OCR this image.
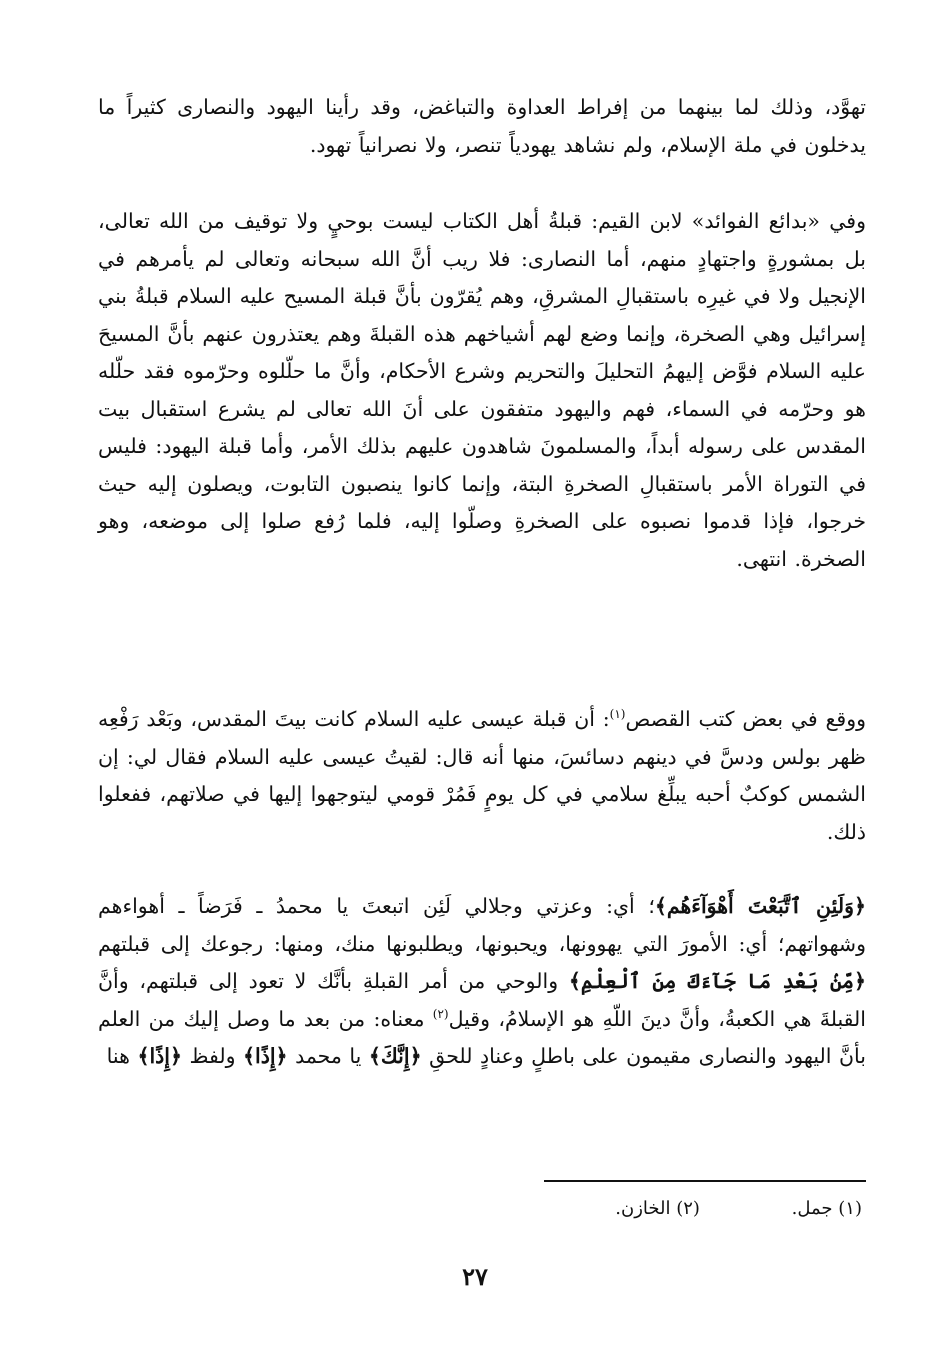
تهوَّد، وذلك لما بينهما من إفراط العداوة والتباغض، وقد رأينا اليهود والنصارى كثيراً ما يدخلون في ملة الإسلام، ولم نشاهد يهودياً تنصر، ولا نصرانياً تهود.

وفي «بدائع الفوائد» لابن القيم: قبلةُ أهل الكتاب ليست بوحيٍ ولا توقيف من الله تعالى، بل بمشورةٍ واجتهادٍ منهم، أما النصارى: فلا ريب أنَّ الله سبحانه وتعالى لم يأمرهم في الإنجيل ولا في غيرِه باستقبالِ المشرقِ، وهم يُقرّون بأنَّ قبلة المسيح عليه السلام قبلةُ بني إسرائيل وهي الصخرة، وإنما وضع لهم أشياخهم هذه القبلةَ وهم يعتذرون عنهم بأنَّ المسيحَ عليه السلام فوَّض إليهمُ التحليلَ والتحريم وشرع الأحكام، وأنَّ ما حلّلوه وحرّموه فقد حلّله هو وحرّمه في السماء، فهم واليهود متفقون على أنَ الله تعالى لم يشرع استقبال بيت المقدس على رسوله أبداً، والمسلمونَ شاهدون عليهم بذلك الأمر، وأما قبلة اليهود: فليس في التوراة الأمر باستقبالِ الصخرةِ البتة، وإنما كانوا ينصبون التابوت، ويصلون إليه حيث خرجوا، فإذا قدموا نصبوه على الصخرةِ وصلّوا إليه، فلما رُفع صلوا إلى موضعه، وهو الصخرة. انتهى.

ووقع في بعض كتب القصص$^{(١)}$: أن قبلة عيسى عليه السلام كانت بيتَ المقدس، وبَعْد رَفْعِه ظهر بولس ودسَّ في دينهم دسائسَ، منها أنه قال: لقيتُ عيسى عليه السلام فقال لي: إن الشمس كوكبٌ أحبه يبلِّغ سلامي في كل يومٍ فَمُرْ قومي ليتوجهوا إليها في صلاتهم، ففعلوا ذلك.

﴿وَلَئِنِ ٱتَّبَعْتَ أَهْوَآءَهُم﴾؛ أي: وعزتي وجلالي لَئِن اتبعتَ يا محمدُ ـ فَرَضاً ـ أهواءهم وشهواتهم؛ أي: الأمورَ التي يهوونها، ويحبونها، ويطلبونها منك، ومنها: رجوعك إلى قبلتهم ﴿مِّنۢ بَعْدِ مَا جَآءَكَ مِنَ ٱلْعِلْمِ﴾ والوحي من أمر القبلةِ بأنَّك لا تعود إلى قبلتهم، وأنَّ القبلةَ هي الكعبةُ، وأنَّ دينَ اللّهِ هو الإسلامُ، وقيل$^{(٢)}$ معناه: من بعد ما وصل إليك من العلم بأنَّ اليهود والنصارى مقيمون على باطلٍ وعنادٍ للحقِ ﴿إِنَّكَ﴾ يا محمد ﴿إِذًا﴾ ولفظ ﴿إِذًا﴾ هنا

(١) جمل. (٢) الخازن.
٢٧
